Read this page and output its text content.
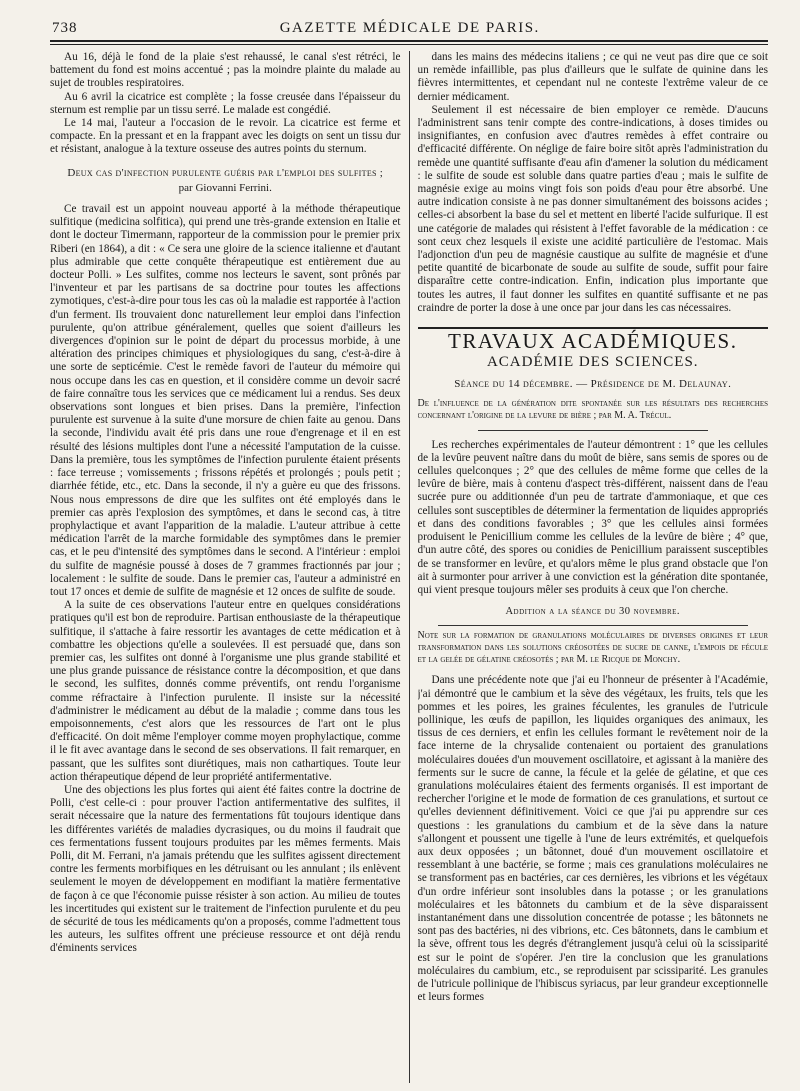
738	GAZETTE MÉDICALE DE PARIS.

Au 16, déjà le fond de la plaie s'est rehaussé, le canal s'est rétréci, le battement du fond est moins accentué ; pas la moindre plainte du malade au sujet de troubles respiratoires.

Au 6 avril la cicatrice est complète ; la fosse creusée dans l'épaisseur du sternum est remplie par un tissu serré. Le malade est congédié.

Le 14 mai, l'auteur a l'occasion de le revoir. La cicatrice est ferme et compacte. En la pressant et en la frappant avec les doigts on sent un tissu dur et résistant, analogue à la texture osseuse des autres points du sternum.

Deux cas d'infection purulente guéris par l'emploi des sulfites ;
par Giovanni Ferrini.

Ce travail est un appoint nouveau apporté à la méthode thérapeutique sulfitique (medicina solfitica), qui prend une très-grande extension en Italie et dont le docteur Timermann, rapporteur de la commission pour le premier prix Riberi (en 1864), a dit : « Ce sera une gloire de la science italienne et d'autant plus admirable que cette conquête thérapeutique est entièrement due au docteur Polli. » Les sulfites, comme nos lecteurs le savent, sont prônés par l'inventeur et par les partisans de sa doctrine pour toutes les affections zymotiques, c'est-à-dire pour tous les cas où la maladie est rapportée à l'action d'un ferment. Ils trouvaient donc naturellement leur emploi dans l'infection purulente, qu'on attribue généralement, quelles que soient d'ailleurs les divergences d'opinion sur le point de départ du processus morbide, à une altération des principes chimiques et physiologiques du sang, c'est-à-dire à une sorte de septicémie. C'est le remède favori de l'auteur du mémoire qui nous occupe dans les cas en question, et il considère comme un devoir sacré de faire connaître tous les services que ce médicament lui a rendus. Ses deux observations sont longues et bien prises. Dans la première, l'infection purulente est survenue à la suite d'une morsure de chien faite au genou. Dans la seconde, l'individu avait été pris dans une roue d'engrenage et il en est résulté des lésions multiples dont l'une a nécessité l'amputation de la cuisse. Dans la première, tous les symptômes de l'infection purulente étaient présents : face terreuse ; vomissements ; frissons répétés et prolongés ; pouls petit ; diarrhée fétide, etc., etc. Dans la seconde, il n'y a guère eu que des frissons. Nous nous empressons de dire que les sulfites ont été employés dans le premier cas après l'explosion des symptômes, et dans le second cas, à titre prophylactique et avant l'apparition de la maladie. L'auteur attribue à cette médication l'arrêt de la marche formidable des symptômes dans le premier cas, et le peu d'intensité des symptômes dans le second. A l'intérieur : emploi du sulfite de magnésie poussé à doses de 7 grammes fractionnés par jour ; localement : le sulfite de soude. Dans le premier cas, l'auteur a administré en tout 17 onces et demie de sulfite de magnésie et 12 onces de sulfite de soude.

A la suite de ces observations l'auteur entre en quelques considérations pratiques qu'il est bon de reproduire. Partisan enthousiaste de la thérapeutique sulfitique, il s'attache à faire ressortir les avantages de cette médication et à combattre les objections qu'elle a soulevées. Il est persuadé que, dans son premier cas, les sulfites ont donné à l'organisme une plus grande stabilité et une plus grande puissance de résistance contre la décomposition, et que dans le second, les sulfites, donnés comme préventifs, ont rendu l'organisme comme réfractaire à l'infection purulente. Il insiste sur la nécessité d'administrer le médicament au début de la maladie ; comme dans tous les empoisonnements, c'est alors que les ressources de l'art ont le plus d'efficacité. On doit même l'employer comme moyen prophylactique, comme il le fit avec avantage dans le second de ses observations. Il fait remarquer, en passant, que les sulfites sont diurétiques, mais non cathartiques. Toute leur action thérapeutique dépend de leur propriété antifermentative.

Une des objections les plus fortes qui aient été faites contre la doctrine de Polli, c'est celle-ci : pour prouver l'action antifermentative des sulfites, il serait nécessaire que la nature des fermentations fût toujours identique dans les différentes variétés de maladies dycrasiques, ou du moins il faudrait que ces fermentations fussent toujours produites par les mêmes ferments. Mais Polli, dit M. Ferrani, n'a jamais prétendu que les sulfites agissent directement contre les ferments morbifiques en les détruisant ou les annulant ; ils enlèvent seulement le moyen de développement en modifiant la matière fermentative de façon à ce que l'économie puisse résister à son action. Au milieu de toutes les incertitudes qui existent sur le traitement de l'infection purulente et du peu de sécurité de tous les médicaments qu'on a proposés, comme l'admettent tous les auteurs, les sulfites offrent une précieuse ressource et ont déjà rendu d'éminents services

dans les mains des médecins italiens ; ce qui ne veut pas dire que ce soit un remède infaillible, pas plus d'ailleurs que le sulfate de quinine dans les fièvres intermittentes, et cependant nul ne conteste l'extrême valeur de ce dernier médicament.

Seulement il est nécessaire de bien employer ce remède. D'aucuns l'administrent sans tenir compte des contre-indications, à doses timides ou insignifiantes, en confusion avec d'autres remèdes à effet contraire ou d'efficacité différente. On néglige de faire boire sitôt après l'administration du remède une quantité suffisante d'eau afin d'amener la solution du médicament : le sulfite de soude est soluble dans quatre parties d'eau ; mais le sulfite de magnésie exige au moins vingt fois son poids d'eau pour être absorbé. Une autre indication consiste à ne pas donner simultanément des boissons acides ; celles-ci absorbent la base du sel et mettent en liberté l'acide sulfurique. Il est une catégorie de malades qui résistent à l'effet favorable de la médication : ce sont ceux chez lesquels il existe une acidité particulière de l'estomac. Mais l'adjonction d'un peu de magnésie caustique au sulfite de magnésie et d'une petite quantité de bicarbonate de soude au sulfite de soude, suffit pour faire disparaître cette contre-indication. Enfin, indication plus importante que toutes les autres, il faut donner les sulfites en quantité suffisante et ne pas craindre de porter la dose à une once par jour dans les cas nécessaires.

TRAVAUX ACADÉMIQUES.
ACADÉMIE DES SCIENCES.
Séance du 14 décembre. — Présidence de M. Delaunay.
De l'influence de la génération dite spontanée sur les résultats des recherches concernant l'origine de la levure de bière ; par M. A. Trécul.

Les recherches expérimentales de l'auteur démontrent : 1° que les cellules de la levûre peuvent naître dans du moût de bière, sans semis de spores ou de cellules quelconques ; 2° que des cellules de même forme que celles de la levûre de bière, mais à contenu d'aspect très-différent, naissent dans de l'eau sucrée pure ou additionnée d'un peu de tartrate d'ammoniaque, et que ces cellules sont susceptibles de déterminer la fermentation de liquides appropriés et dans des conditions favorables ; 3° que les cellules ainsi formées produisent le Penicillium comme les cellules de la levûre de bière ; 4° que, d'un autre côté, des spores ou conidies de Penicillium paraissent susceptibles de se transformer en levûre, et qu'alors même le plus grand obstacle que l'on ait à surmonter pour arriver à une conviction est la génération dite spontanée, qui vient presque toujours mêler ses produits à ceux que l'on cherche.

Addition a la séance du 30 novembre.
Note sur la formation de granulations moléculaires de diverses origines et leur transformation dans les solutions créosotées de sucre de canne, l'empois de fécule et la gelée de gélatine créosotés ; par M. le Ricque de Monchy.

Dans une précédente note que j'ai eu l'honneur de présenter à l'Académie, j'ai démontré que le cambium et la sève des végétaux, les fruits, tels que les pommes et les poires, les graines féculentes, les granules de l'utricule pollinique, les œufs de papillon, les liquides organiques des animaux, les tissus de ces derniers, et enfin les cellules formant le revêtement noir de la face interne de la chrysalide contenaient ou portaient des granulations moléculaires douées d'un mouvement oscillatoire, et agissant à la manière des ferments sur le sucre de canne, la fécule et la gelée de gélatine, et que ces granulations moléculaires étaient des ferments organisés. Il est important de rechercher l'origine et le mode de formation de ces granulations, et surtout ce qu'elles deviennent définitivement. Voici ce que j'ai pu apprendre sur ces questions : les granulations du cambium et de la sève dans la nature s'allongent et poussent une tigelle à l'une de leurs extrémités, et quelquefois aux deux opposées ; un bâtonnet, doué d'un mouvement oscillatoire et ressemblant à une bactérie, se forme ; mais ces granulations moléculaires ne se transforment pas en bactéries, car ces dernières, les vibrions et les végétaux d'un ordre inférieur sont insolubles dans la potasse ; or les granulations moléculaires et les bâtonnets du cambium et de la sève disparaissent instantanément dans une dissolution concentrée de potasse ; les bâtonnets ne sont pas des bactéries, ni des vibrions, etc. Ces bâtonnets, dans le cambium et la sève, offrent tous les degrés d'étranglement jusqu'à celui où la scissiparité est sur le point de s'opérer. J'en tire la conclusion que les granulations moléculaires du cambium, etc., se reproduisent par scissiparité. Les granules de l'utricule pollinique de l'hibiscus syriacus, par leur grandeur exceptionnelle et leurs formes
